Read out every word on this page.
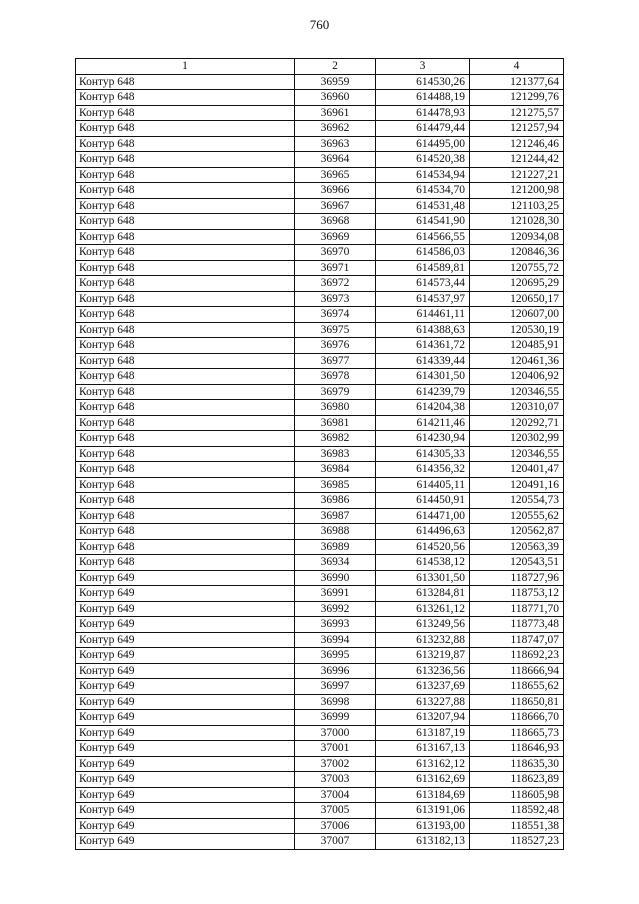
760
1	2	3	4
Контур 648	36959	614530,26	121377,64
Контур 648	36960	614488,19	121299,76
Контур 648	36961	614478,93	121275,57
Контур 648	36962	614479,44	121257,94
Контур 648	36963	614495,00	121246,46
Контур 648	36964	614520,38	121244,42
Контур 648	36965	614534,94	121227,21
Контур 648	36966	614534,70	121200,98
Контур 648	36967	614531,48	121103,25
Контур 648	36968	614541,90	121028,30
Контур 648	36969	614566,55	120934,08
Контур 648	36970	614586,03	120846,36
Контур 648	36971	614589,81	120755,72
Контур 648	36972	614573,44	120695,29
Контур 648	36973	614537,97	120650,17
Контур 648	36974	614461,11	120607,00
Контур 648	36975	614388,63	120530,19
Контур 648	36976	614361,72	120485,91
Контур 648	36977	614339,44	120461,36
Контур 648	36978	614301,50	120406,92
Контур 648	36979	614239,79	120346,55
Контур 648	36980	614204,38	120310,07
Контур 648	36981	614211,46	120292,71
Контур 648	36982	614230,94	120302,99
Контур 648	36983	614305,33	120346,55
Контур 648	36984	614356,32	120401,47
Контур 648	36985	614405,11	120491,16
Контур 648	36986	614450,91	120554,73
Контур 648	36987	614471,00	120555,62
Контур 648	36988	614496,63	120562,87
Контур 648	36989	614520,56	120563,39
Контур 648	36934	614538,12	120543,51
Контур 649	36990	613301,50	118727,96
Контур 649	36991	613284,81	118753,12
Контур 649	36992	613261,12	118771,70
Контур 649	36993	613249,56	118773,48
Контур 649	36994	613232,88	118747,07
Контур 649	36995	613219,87	118692,23
Контур 649	36996	613236,56	118666,94
Контур 649	36997	613237,69	118655,62
Контур 649	36998	613227,88	118650,81
Контур 649	36999	613207,94	118666,70
Контур 649	37000	613187,19	118665,73
Контур 649	37001	613167,13	118646,93
Контур 649	37002	613162,12	118635,30
Контур 649	37003	613162,69	118623,89
Контур 649	37004	613184,69	118605,98
Контур 649	37005	613191,06	118592,48
Контур 649	37006	613193,00	118551,38
Контур 649	37007	613182,13	118527,23
